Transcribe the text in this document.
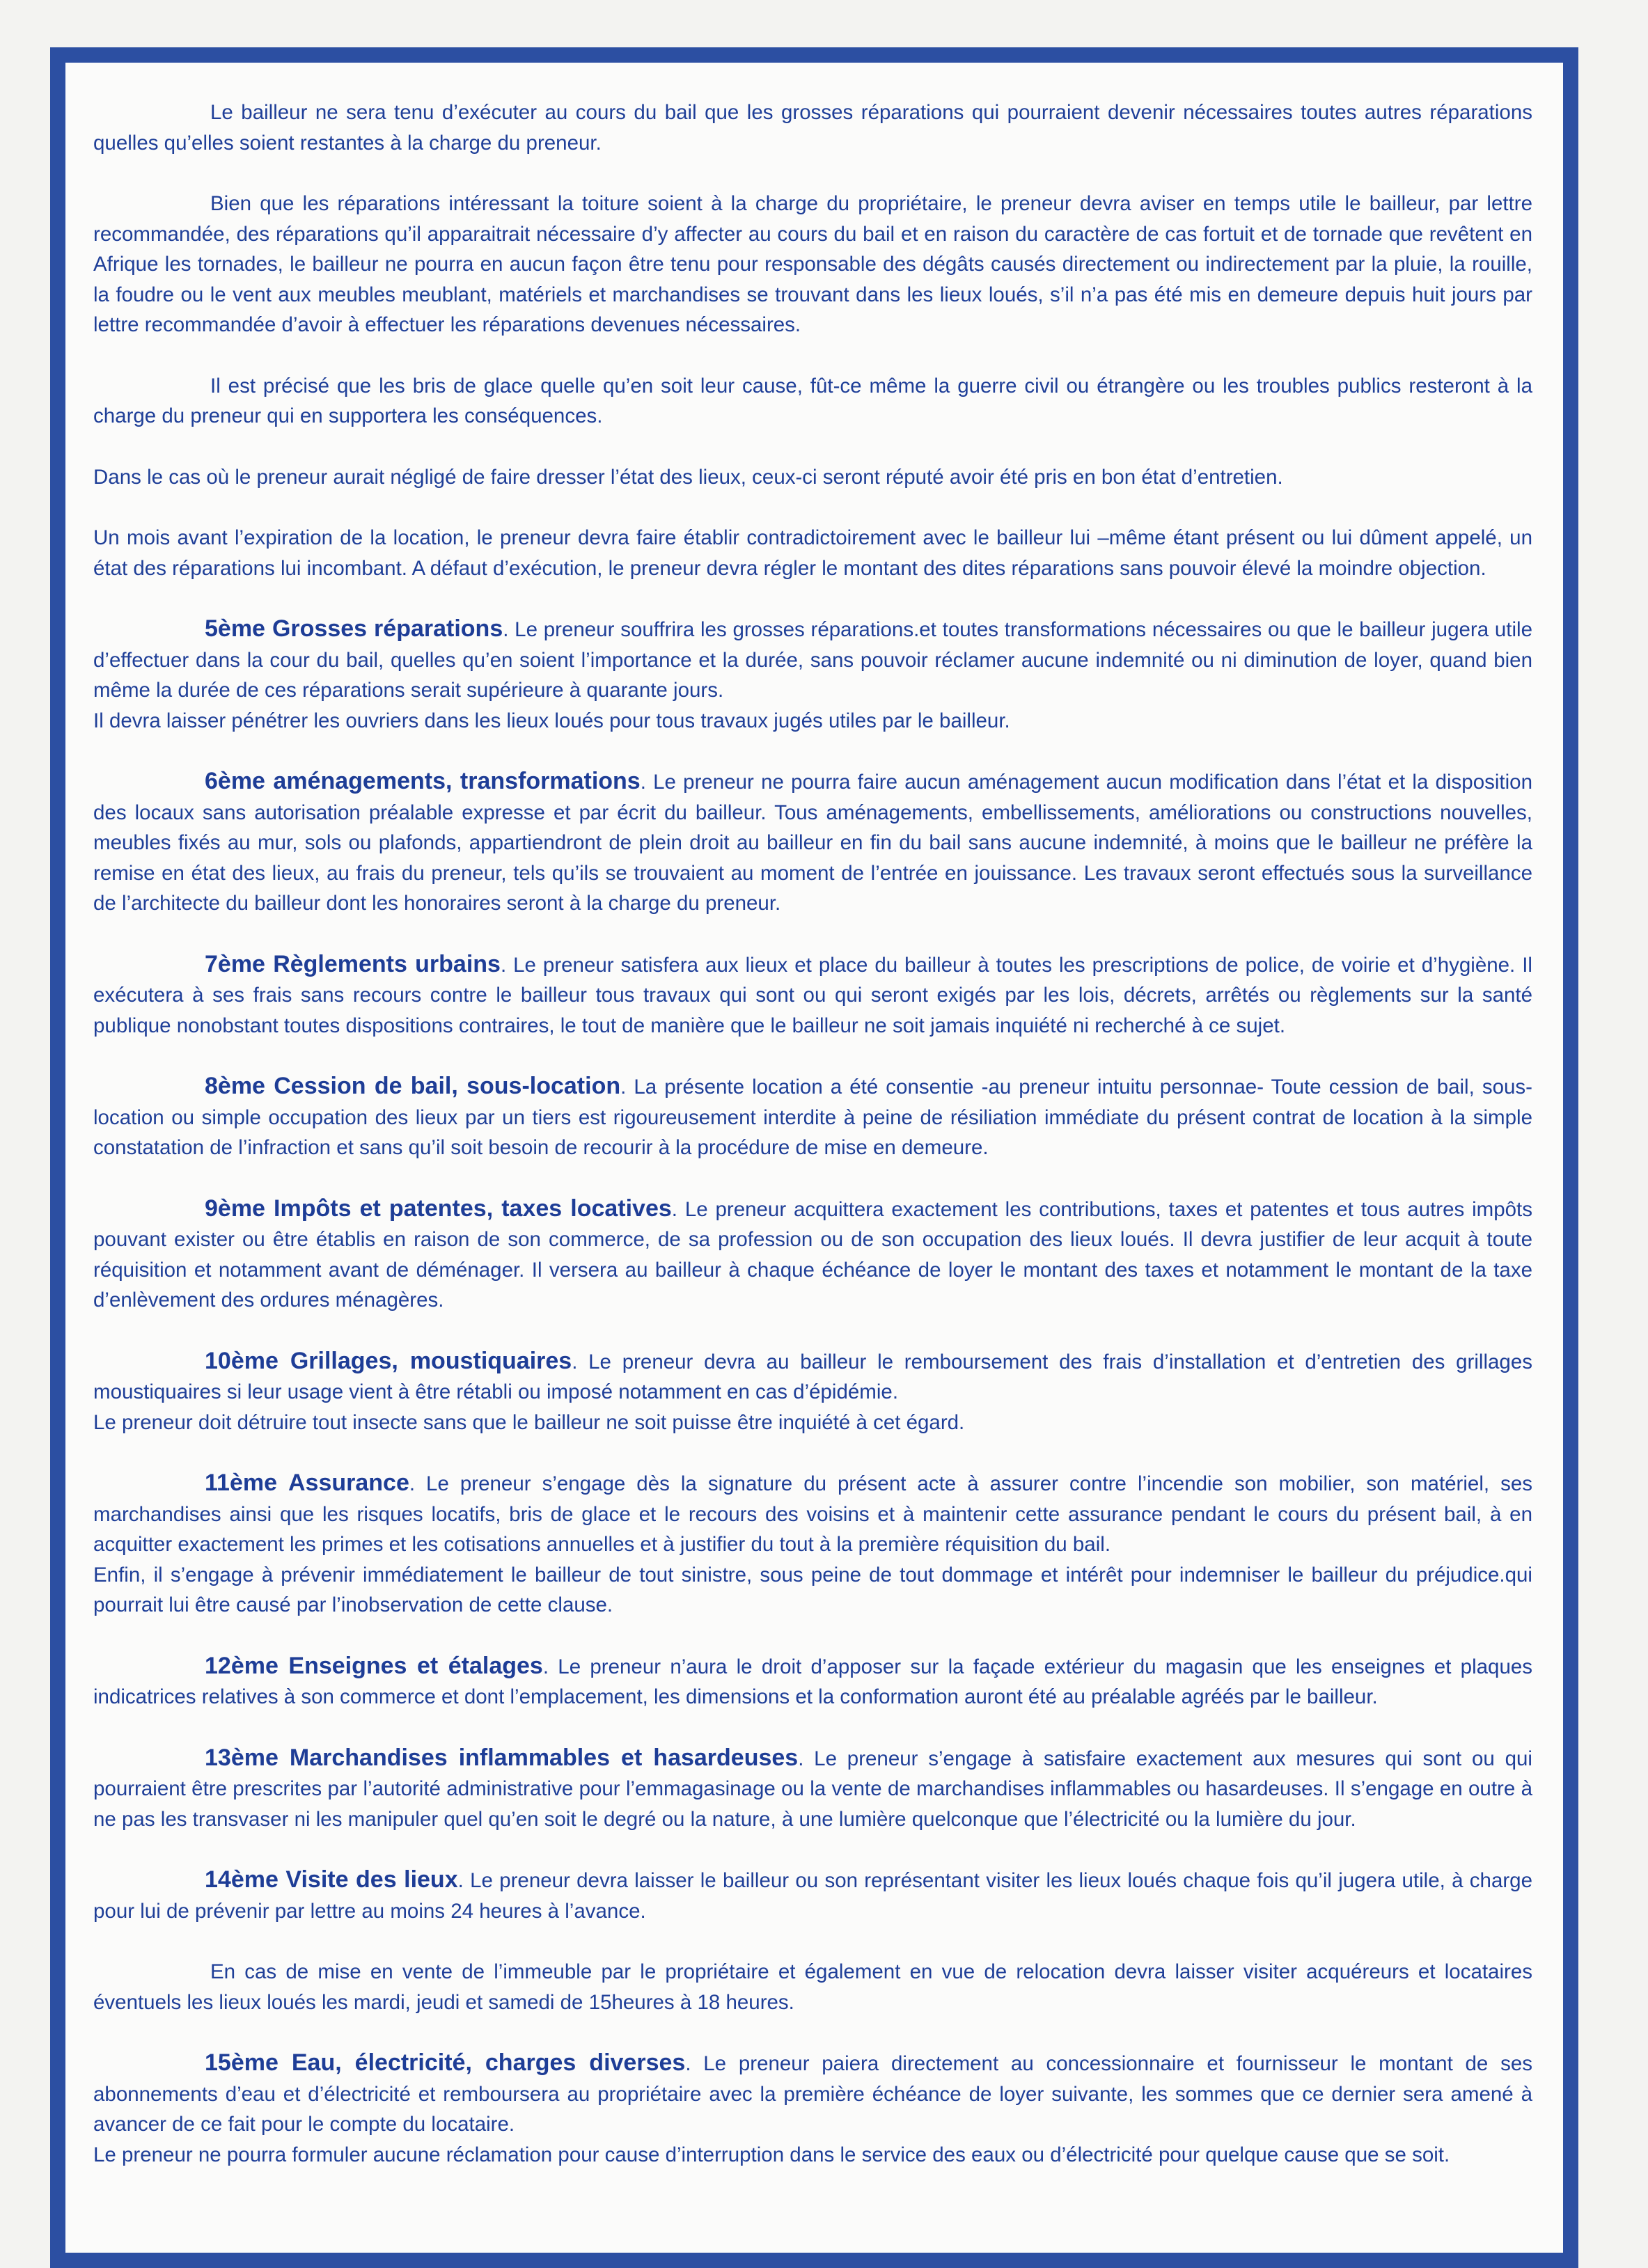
Le bailleur ne sera tenu d’exécuter au cours du bail que les grosses réparations qui pourraient devenir nécessaires toutes autres réparations quelles qu’elles soient restantes à la charge du preneur.

Bien que les réparations intéressant la toiture soient à la charge du propriétaire, le preneur devra aviser en temps utile le bailleur, par lettre recommandée, des réparations qu’il apparaitrait nécessaire d’y affecter au cours du bail et en raison du caractère de cas fortuit et de tornade que revêtent en Afrique les tornades, le bailleur ne pourra en aucun façon être tenu pour responsable des dégâts causés directement ou indirectement par la pluie, la rouille, la foudre ou le vent aux meubles meublant, matériels et marchandises se trouvant dans les lieux loués, s’il n’a pas été mis en demeure depuis huit jours par lettre recommandée d’avoir à effectuer les réparations devenues nécessaires.

Il est précisé que les bris de glace quelle qu’en soit leur cause, fût-ce même la guerre civil ou étrangère ou les troubles publics resteront à la charge du preneur qui en supportera les conséquences.

Dans le cas où le preneur aurait négligé de faire dresser l’état des lieux, ceux-ci seront réputé avoir été pris en bon état d’entretien.

Un mois avant l’expiration de la location, le preneur devra faire établir contradictoirement avec le bailleur lui –même étant présent ou lui dûment appelé, un état des réparations lui incombant. A défaut d’exécution, le preneur devra régler le montant des dites réparations sans pouvoir élevé la moindre objection.

5ème Grosses réparations. Le preneur souffrira les grosses réparations.et toutes transformations nécessaires ou que le bailleur jugera utile d’effectuer dans la cour du bail, quelles qu’en soient l’importance et la durée, sans pouvoir réclamer aucune indemnité ou ni diminution de loyer, quand bien même la durée de ces réparations serait supérieure à quarante jours.

Il devra laisser pénétrer les ouvriers dans les lieux loués pour tous travaux jugés utiles par le bailleur.

6ème aménagements, transformations. Le preneur ne pourra faire aucun aménagement aucun modification dans l’état et la disposition des locaux sans autorisation préalable expresse et par écrit du bailleur. Tous aménagements, embellissements, améliorations ou constructions nouvelles, meubles fixés au mur, sols ou plafonds, appartiendront de plein droit au bailleur en fin du bail sans aucune indemnité, à moins que le bailleur ne préfère la remise en état des lieux, au frais du preneur, tels qu’ils se trouvaient au moment de l’entrée en jouissance. Les travaux seront effectués sous la surveillance de l’architecte du bailleur dont les honoraires seront à la charge du preneur.

7ème Règlements urbains. Le preneur satisfera aux lieux et place du bailleur à toutes les prescriptions de police, de voirie et d’hygiène. Il exécutera à ses frais sans recours contre le bailleur tous travaux qui sont ou qui seront exigés par les lois, décrets, arrêtés ou règlements sur la santé publique nonobstant toutes dispositions contraires, le tout de manière que le bailleur ne soit jamais inquiété ni recherché à ce sujet.

8ème Cession de bail, sous-location. La présente location a été consentie -au preneur intuitu personnae- Toute cession de bail, sous-location ou simple occupation des lieux par un tiers est rigoureusement interdite à peine de résiliation immédiate du présent contrat de location à la simple constatation de l’infraction et sans qu’il soit besoin de recourir à la procédure de mise en demeure.

9ème Impôts et patentes, taxes locatives. Le preneur acquittera exactement les contributions, taxes et patentes et tous autres impôts pouvant exister ou être établis en raison de son commerce, de sa profession ou de son occupation des lieux loués. Il devra justifier de leur acquit à toute réquisition et notamment avant de déménager. Il versera au bailleur à chaque échéance de loyer le montant des taxes et notamment le montant de la taxe d’enlèvement des ordures ménagères.

10ème Grillages, moustiquaires. Le preneur devra au bailleur le remboursement des frais d’installation et d’entretien des grillages moustiquaires si leur usage vient à être rétabli ou imposé notamment en cas d’épidémie.

Le preneur doit détruire tout insecte sans que le bailleur ne soit puisse être inquiété à cet égard.

11ème Assurance. Le preneur s’engage dès la signature du présent acte à assurer contre l’incendie son mobilier, son matériel, ses marchandises ainsi que les risques locatifs, bris de glace et le recours des voisins et à maintenir cette assurance pendant le cours du présent bail, à en acquitter exactement les primes et les cotisations annuelles et à justifier du tout à la première réquisition du bail.

Enfin, il s’engage à prévenir immédiatement le bailleur de tout sinistre, sous peine de tout dommage et intérêt pour indemniser le bailleur du préjudice.qui pourrait lui être causé par l’inobservation de cette clause.

12ème Enseignes et étalages. Le preneur n’aura le droit d’apposer sur la façade extérieur du magasin que les enseignes et plaques indicatrices relatives à son commerce et dont l’emplacement, les dimensions et la conformation auront été au préalable agréés par le bailleur.

13ème Marchandises inflammables et hasardeuses. Le preneur s’engage à satisfaire exactement aux mesures qui sont ou qui pourraient être prescrites par l’autorité administrative pour l’emmagasinage ou la vente de marchandises inflammables ou hasardeuses. Il s’engage en outre à ne pas les transvaser ni les manipuler quel qu’en soit le degré ou la nature, à une lumière quelconque que l’électricité ou la lumière du jour.

14ème Visite des lieux. Le preneur devra laisser le bailleur ou son représentant visiter les lieux loués chaque fois qu’il jugera utile, à charge pour lui de prévenir par lettre au moins 24 heures à l’avance.

En cas de mise en vente de l’immeuble par le propriétaire et également en vue de relocation devra laisser visiter acquéreurs et locataires éventuels les lieux loués les mardi, jeudi et samedi de 15heures à 18 heures.

15ème Eau, électricité, charges diverses. Le preneur paiera directement au concessionnaire et fournisseur le montant de ses abonnements d’eau et d’électricité et remboursera au propriétaire avec la première échéance de loyer suivante, les sommes que ce dernier sera amené à avancer de ce fait pour le compte du locataire.

Le preneur ne pourra formuler aucune réclamation pour cause d’interruption dans le service des eaux ou d’électricité pour quelque cause que se soit.
